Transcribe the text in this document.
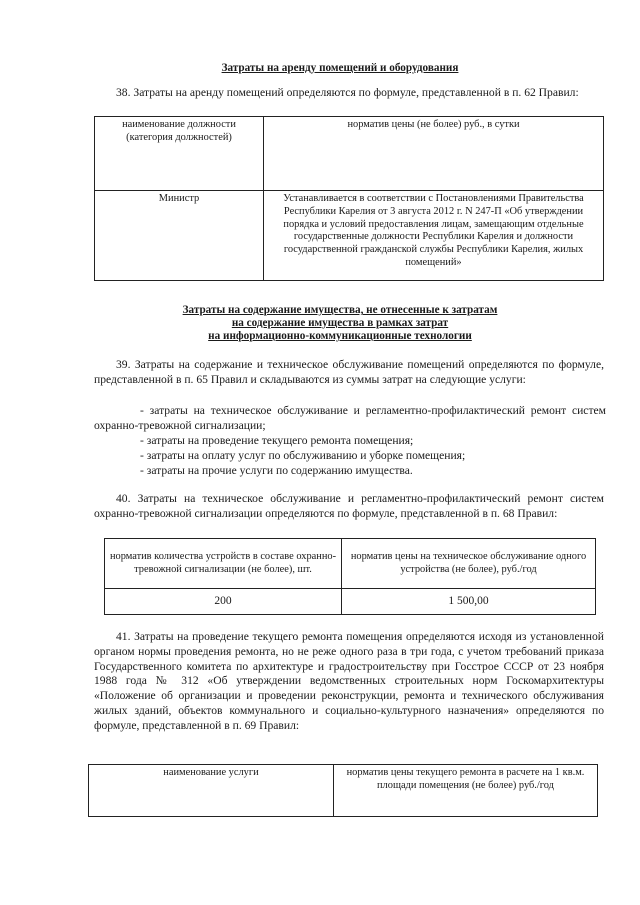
Затраты на аренду помещений и оборудования
38. Затраты на аренду помещений определяются по формуле, представленной в п. 62 Правил:
наименование должности (категория должностей)	норматив цены (не более) руб., в сутки
Министр	Устанавливается в соответствии с Постановлениями Правительства Республики Карелия от 3 августа 2012 г. N 247-П «Об утверждении порядка и условий предоставления лицам, замещающим отдельные государственные должности Республики Карелия и должности государственной гражданской службы Республики Карелия, жилых помещений»
Затраты на содержание имущества, не отнесенные к затратам
на содержание имущества в рамках затрат
на информационно-коммуникационные технологии
39. Затраты на содержание и техническое обслуживание помещений определяются по формуле, представленной в п. 65 Правил и складываются из суммы затрат на следующие услуги:
- затраты на техническое обслуживание и регламентно-профилактический ремонт систем охранно-тревожной сигнализации;
- затраты на проведение текущего ремонта помещения;
- затраты на оплату услуг по обслуживанию и уборке помещения;
- затраты на прочие услуги по содержанию имущества.
40. Затраты на техническое обслуживание и регламентно-профилактический ремонт систем охранно-тревожной сигнализации определяются по формуле, представленной в п. 68 Правил:
норматив количества устройств в составе охранно-тревожной сигнализации (не более), шт.	норматив цены на техническое обслуживание одного устройства (не более), руб./год
200	1 500,00
41. Затраты на проведение текущего ремонта помещения определяются исходя из установленной органом нормы проведения ремонта, но не реже одного раза в три года, с учетом требований приказа Государственного комитета по архитектуре и градостроительству при Госстрое СССР от 23 ноября 1988 года № 312 «Об утверждении ведомственных строительных норм Госкомархитектуры «Положение об организации и проведении реконструкции, ремонта и технического обслуживания жилых зданий, объектов коммунального и социально-культурного назначения» определяются по формуле, представленной в п. 69 Правил:
наименование услуги	норматив цены текущего ремонта в расчете на 1 кв.м. площади помещения (не более) руб./год
